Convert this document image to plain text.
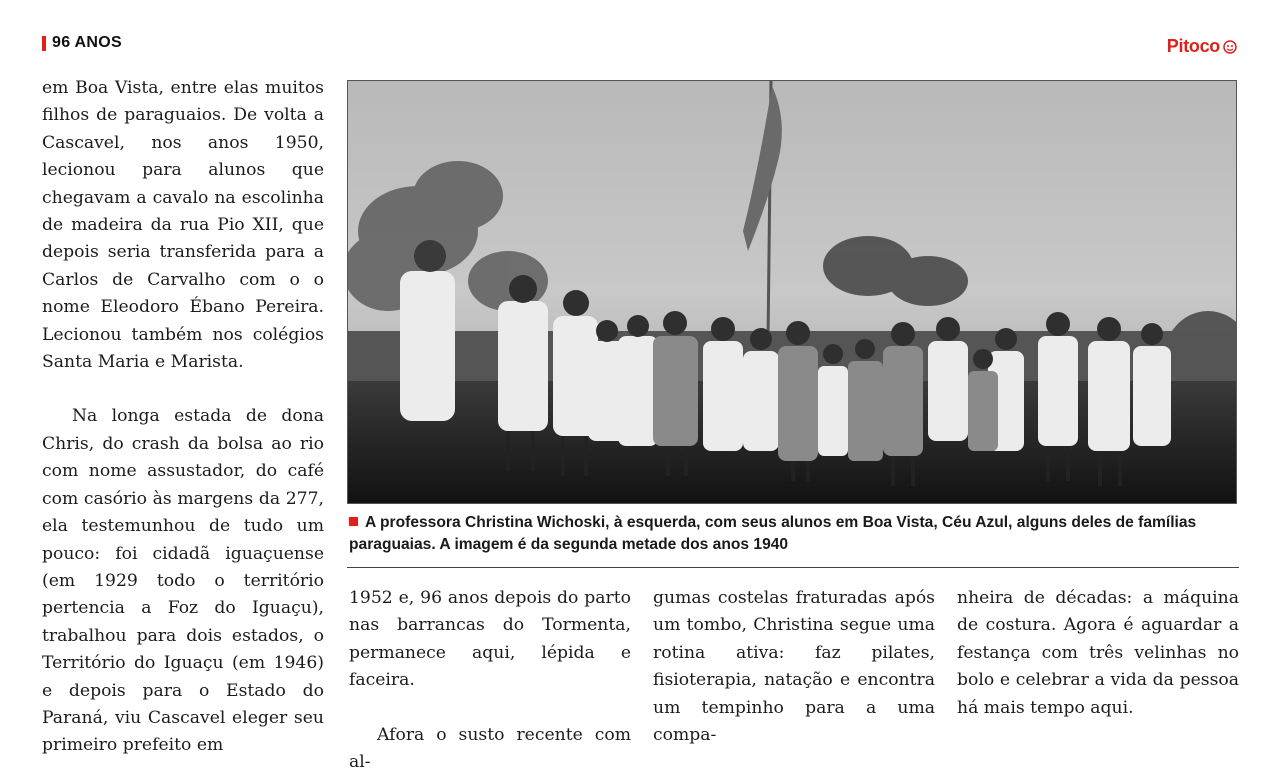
96 ANOS	Pitoco

em Boa Vista, entre elas muitos filhos de paraguaios. De volta a Cascavel, nos anos 1950, lecionou para alunos que chegavam a cavalo na escolinha de madeira da rua Pio XII, que depois seria transferida para a Carlos de Carvalho com o o nome Eleodoro Ébano Pereira. Lecionou também nos colégios Santa Maria e Marista.

Na longa estada de dona Chris, do crash da bolsa ao rio com nome assustador, do café com casório às margens da 277, ela testemunhou de tudo um pouco: foi cidadã iguaçuense (em 1929 todo o território pertencia a Foz do Iguaçu), trabalhou para dois estados, o Território do Iguaçu (em 1946) e depois para o Estado do Paraná, viu Cascavel eleger seu primeiro prefeito em

A professora Christina Wichoski, à esquerda, com seus alunos em Boa Vista, Céu Azul, alguns deles de famílias paraguaias. A imagem é da segunda metade dos anos 1940

1952 e, 96 anos depois do parto nas barrancas do Tormenta, permanece aqui, lépida e faceira.

Afora o susto recente com al-

gumas costelas fraturadas após um tombo, Christina segue uma rotina ativa: faz pilates, fisioterapia, natação e encontra um tempinho para a uma compa-

nheira de décadas: a máquina de costura. Agora é aguardar a festança com três velinhas no bolo e celebrar a vida da pessoa há mais tempo aqui.
